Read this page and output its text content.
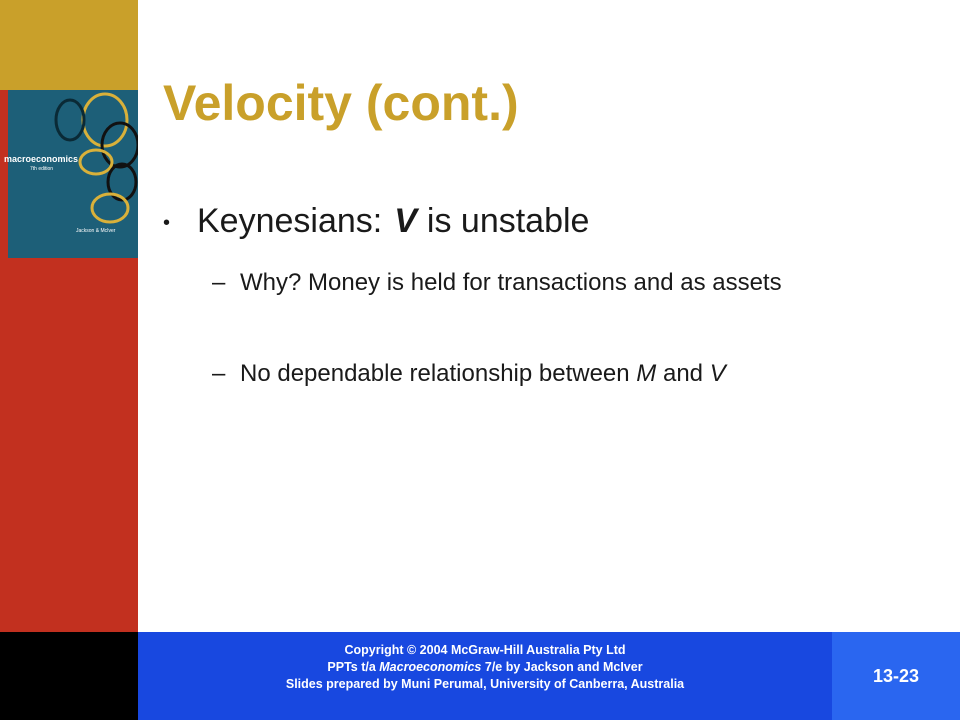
macroeconomics
7th edition
Jackson & McIver
Velocity (cont.)
• Keynesians: V is unstable
– Why? Money is held for transactions and as assets
– No dependable relationship between M and V
Copyright © 2004 McGraw-Hill Australia Pty Ltd
PPTs t/a Macroeconomics 7/e by Jackson and McIver
Slides prepared by Muni Perumal, University of Canberra, Australia	13-23
